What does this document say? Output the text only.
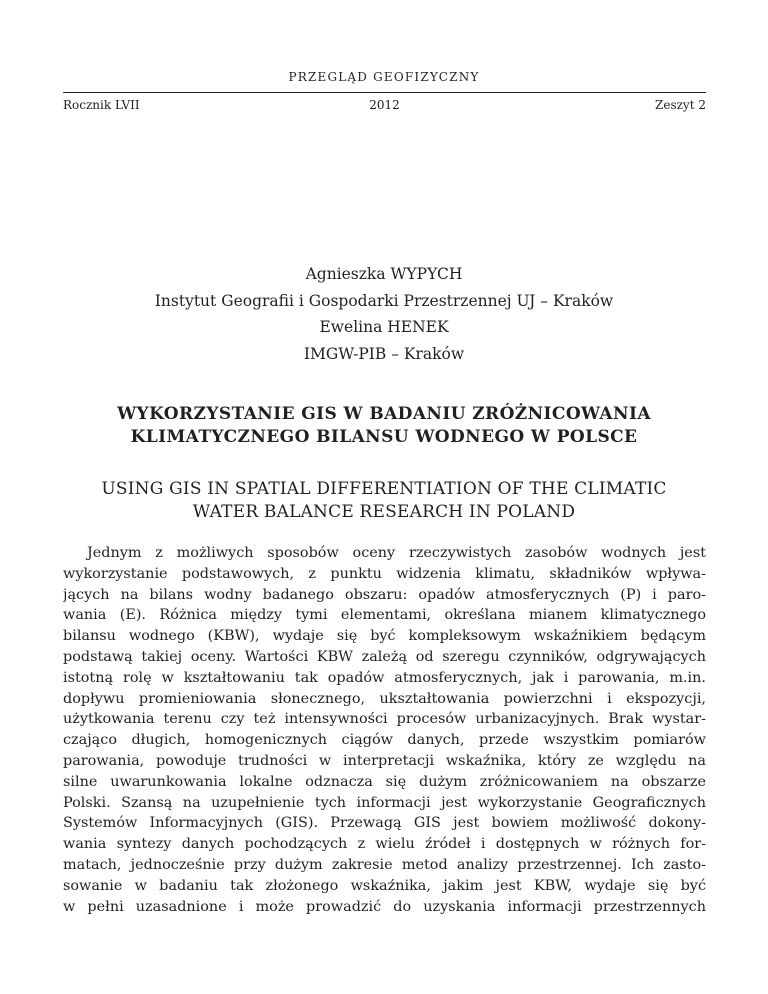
PRZEGLĄD GEOFIZYCZNY
Rocznik LVII	2012	Zeszyt 2
Agnieszka WYPYCH
Instytut Geografii i Gospodarki Przestrzennej UJ – Kraków
Ewelina HENEK
IMGW-PIB – Kraków
WYKORZYSTANIE GIS W BADANIU ZRÓŻNICOWANIA
KLIMATYCZNEGO BILANSU WODNEGO W POLSCE
USING GIS IN SPATIAL DIFFERENTIATION OF THE CLIMATIC
WATER BALANCE RESEARCH IN POLAND
Jednym z możliwych sposobów oceny rzeczywistych zasobów wodnych jest
wykorzystanie podstawowych, z punktu widzenia klimatu, składników wpływa-
jących na bilans wodny badanego obszaru: opadów atmosferycznych (P) i paro-
wania (E). Różnica między tymi elementami, określana mianem klimatycznego
bilansu wodnego (KBW), wydaje się być kompleksowym wskaźnikiem będącym
podstawą takiej oceny. Wartości KBW zależą od szeregu czynników, odgrywających
istotną rolę w kształtowaniu tak opadów atmosferycznych, jak i parowania, m.in.
dopływu promieniowania słonecznego, ukształtowania powierzchni i ekspozycji,
użytkowania terenu czy też intensywności procesów urbanizacyjnych. Brak wystar-
czająco długich, homogenicznych ciągów danych, przede wszystkim pomiarów
parowania, powoduje trudności w interpretacji wskaźnika, który ze względu na
silne uwarunkowania lokalne odznacza się dużym zróżnicowaniem na obszarze
Polski. Szansą na uzupełnienie tych informacji jest wykorzystanie Geograficznych
Systemów Informacyjnych (GIS). Przewagą GIS jest bowiem możliwość dokony-
wania syntezy danych pochodzących z wielu źródeł i dostępnych w różnych for-
matach, jednocześnie przy dużym zakresie metod analizy przestrzennej. Ich zasto-
sowanie w badaniu tak złożonego wskaźnika, jakim jest KBW, wydaje się być
w pełni uzasadnione i może prowadzić do uzyskania informacji przestrzennych
